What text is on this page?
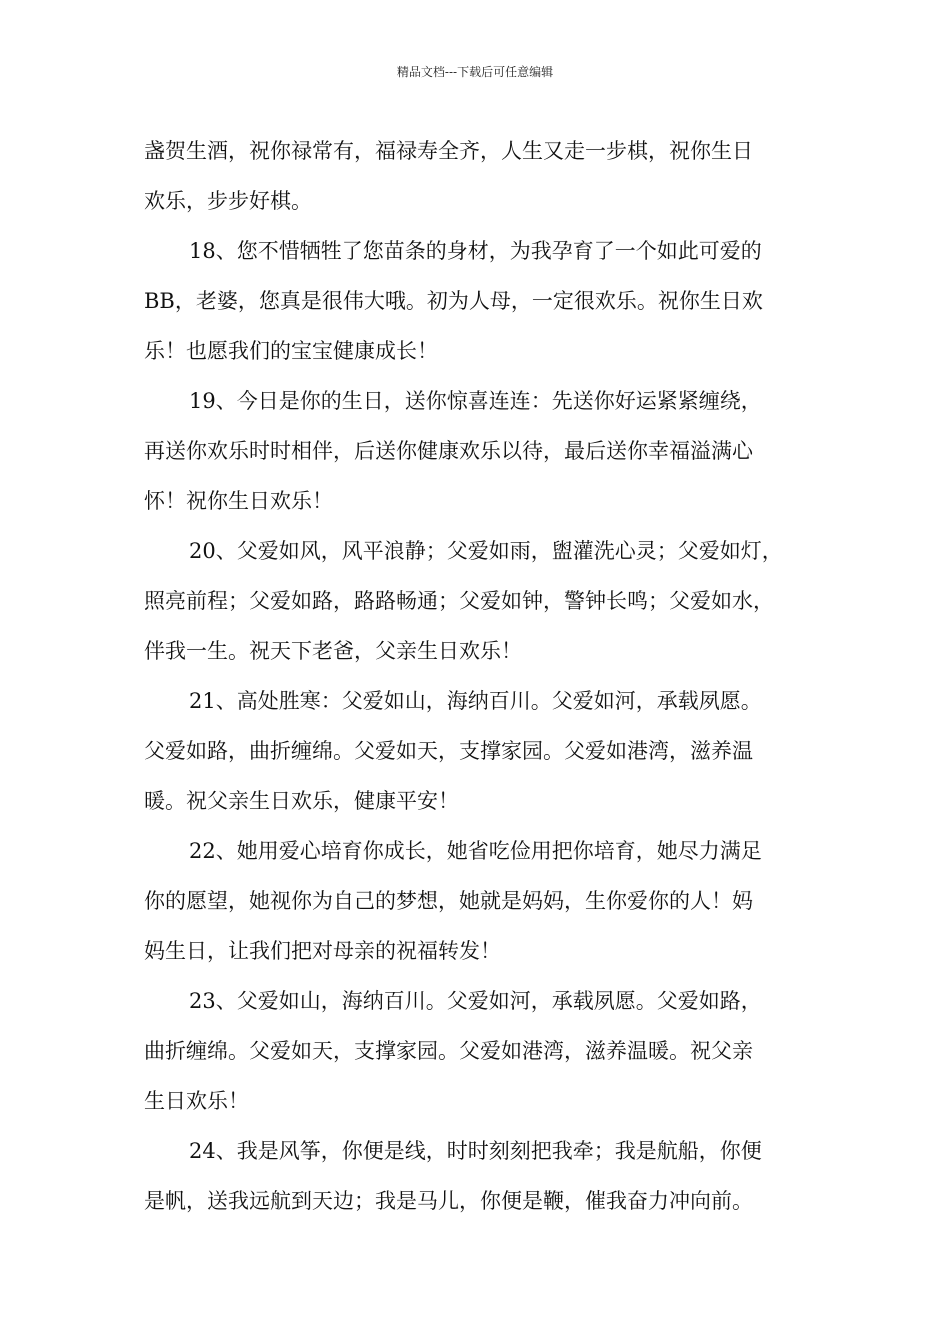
精品文档---下载后可任意编辑
盏贺生酒，祝你禄常有，福禄寿全齐，人生又走一步棋，祝你生日
欢乐，步步好棋。
18、您不惜牺牲了您苗条的身材，为我孕育了一个如此可爱的
BB，老婆，您真是很伟大哦。初为人母，一定很欢乐。祝你生日欢
乐！也愿我们的宝宝健康成长！
19、今日是你的生日，送你惊喜连连：先送你好运紧紧缠绕，
再送你欢乐时时相伴，后送你健康欢乐以待，最后送你幸福溢满心
怀！祝你生日欢乐！
20、父爱如风，风平浪静；父爱如雨，盥灌洗心灵；父爱如灯，
照亮前程；父爱如路，路路畅通；父爱如钟，警钟长鸣；父爱如水，
伴我一生。祝天下老爸，父亲生日欢乐！
21、高处胜寒：父爱如山，海纳百川。父爱如河，承载夙愿。
父爱如路，曲折缠绵。父爱如天，支撑家园。父爱如港湾，滋养温
暖。祝父亲生日欢乐，健康平安！
22、她用爱心培育你成长，她省吃俭用把你培育，她尽力满足
你的愿望，她视你为自己的梦想，她就是妈妈，生你爱你的人！妈
妈生日，让我们把对母亲的祝福转发！
23、父爱如山，海纳百川。父爱如河，承载夙愿。父爱如路，
曲折缠绵。父爱如天，支撑家园。父爱如港湾，滋养温暖。祝父亲
生日欢乐！
24、我是风筝，你便是线，时时刻刻把我牵；我是航船，你便
是帆，送我远航到天边；我是马儿，你便是鞭，催我奋力冲向前。
